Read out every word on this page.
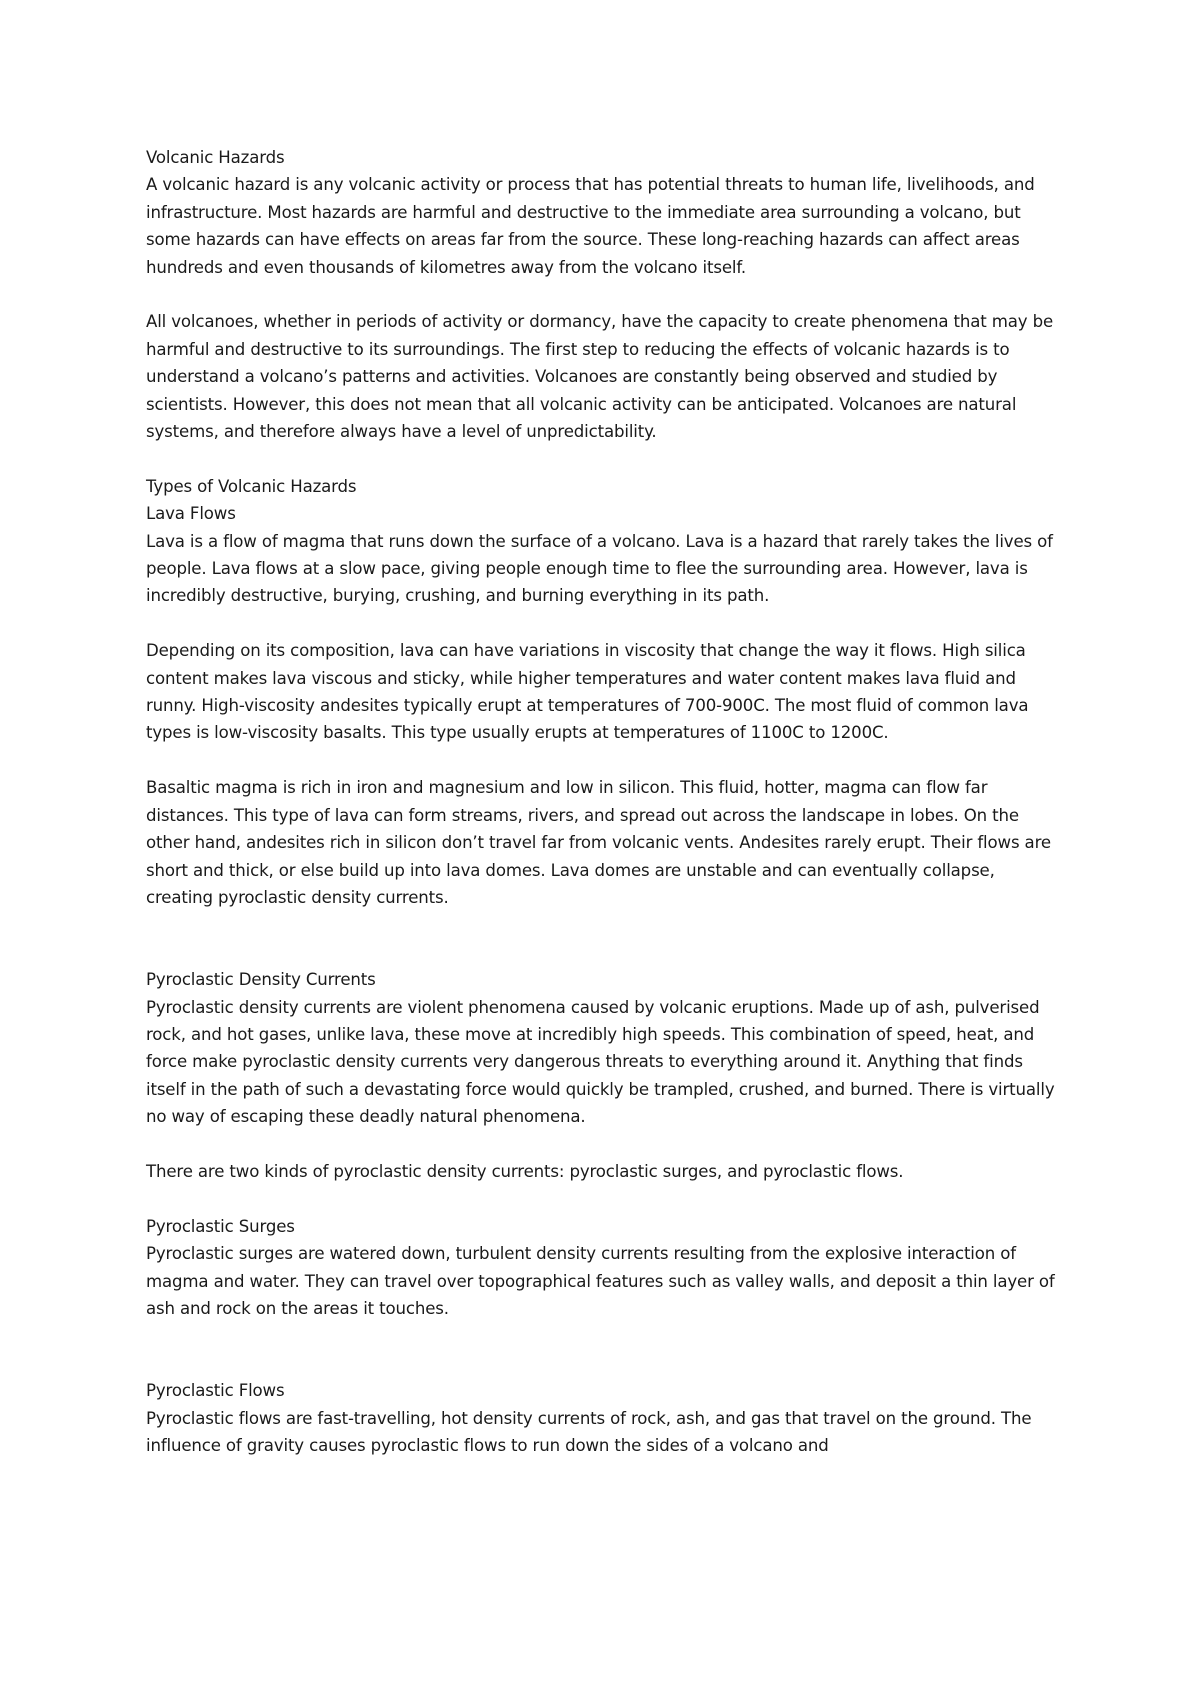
Volcanic Hazards

A volcanic hazard is any volcanic activity or process that has potential threats to human life, livelihoods, and infrastructure. Most hazards are harmful and destructive to the immediate area surrounding a volcano, but some hazards can have effects on areas far from the source. These long-reaching hazards can affect areas hundreds and even thousands of kilometres away from the volcano itself.

All volcanoes, whether in periods of activity or dormancy, have the capacity to create phenomena that may be harmful and destructive to its surroundings. The first step to reducing the effects of volcanic hazards is to understand a volcano’s patterns and activities. Volcanoes are constantly being observed and studied by scientists. However, this does not mean that all volcanic activity can be anticipated. Volcanoes are natural systems, and therefore always have a level of unpredictability.

Types of Volcanic Hazards

Lava Flows

Lava is a flow of magma that runs down the surface of a volcano. Lava is a hazard that rarely takes the lives of people. Lava flows at a slow pace, giving people enough time to flee the surrounding area. However, lava is incredibly destructive, burying, crushing, and burning everything in its path.

Depending on its composition, lava can have variations in viscosity that change the way it flows. High silica content makes lava viscous and sticky, while higher temperatures and water content makes lava fluid and runny. High-viscosity andesites typically erupt at temperatures of 700-900C. The most fluid of common lava types is low-viscosity basalts. This type usually erupts at temperatures of 1100C to 1200C.

Basaltic magma is rich in iron and magnesium and low in silicon. This fluid, hotter, magma can flow far distances. This type of lava can form streams, rivers, and spread out across the landscape in lobes. On the other hand, andesites rich in silicon don’t travel far from volcanic vents. Andesites rarely erupt. Their flows are short and thick, or else build up into lava domes. Lava domes are unstable and can eventually collapse, creating pyroclastic density currents.

Pyroclastic Density Currents

Pyroclastic density currents are violent phenomena caused by volcanic eruptions. Made up of ash, pulverised rock, and hot gases, unlike lava, these move at incredibly high speeds. This combination of speed, heat, and force make pyroclastic density currents very dangerous threats to everything around it. Anything that finds itself in the path of such a devastating force would quickly be trampled, crushed, and burned. There is virtually no way of escaping these deadly natural phenomena.

There are two kinds of pyroclastic density currents: pyroclastic surges, and pyroclastic flows.

Pyroclastic Surges

Pyroclastic surges are watered down, turbulent density currents resulting from the explosive interaction of magma and water. They can travel over topographical features such as valley walls, and deposit a thin layer of ash and rock on the areas it touches.

Pyroclastic Flows

Pyroclastic flows are fast-travelling, hot density currents of rock, ash, and gas that travel on the ground. The influence of gravity causes pyroclastic flows to run down the sides of a volcano and
